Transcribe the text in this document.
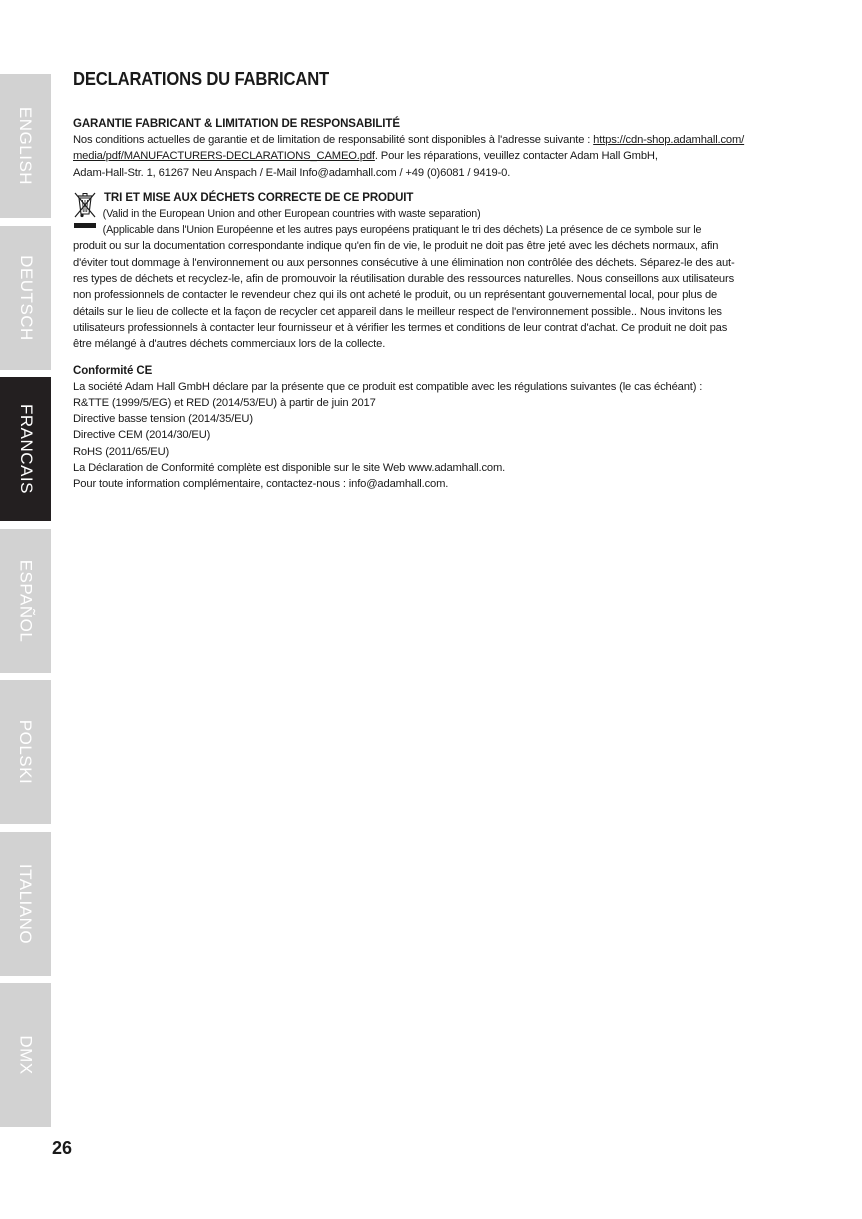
ENGLISH
DEUTSCH
FRANCAIS
ESPAÑOL
POLSKI
ITALIANO
DMX
DECLARATIONS DU FABRICANT
GARANTIE FABRICANT & LIMITATION DE RESPONSABILITÉ
Nos conditions actuelles de garantie et de limitation de responsabilité sont disponibles à l'adresse suivante : https://cdn-shop.adamhall.com/
media/pdf/MANUFACTURERS-DECLARATIONS_CAMEO.pdf. Pour les réparations, veuillez contacter Adam Hall GmbH,
Adam-Hall-Str. 1, 61267 Neu Anspach / E-Mail Info@adamhall.com / +49 (0)6081 / 9419-0.
TRI ET MISE AUX DÉCHETS CORRECTE DE CE PRODUIT
(Valid in the European Union and other European countries with waste separation)
(Applicable dans l'Union Européenne et les autres pays européens pratiquant le tri des déchets) La présence de ce symbole sur le
produit ou sur la documentation correspondante indique qu'en fin de vie, le produit ne doit pas être jeté avec les déchets normaux, afin
d'éviter tout dommage à l'environnement ou aux personnes consécutive à une élimination non contrôlée des déchets. Séparez-le des aut-
res types de déchets et recyclez-le, afin de promouvoir la réutilisation durable des ressources naturelles. Nous conseillons aux utilisateurs
non professionnels de contacter le revendeur chez qui ils ont acheté le produit, ou un représentant gouvernemental local, pour plus de
détails sur le lieu de collecte et la façon de recycler cet appareil dans le meilleur respect de l'environnement possible.. Nous invitons les
utilisateurs professionnels à contacter leur fournisseur et à vérifier les termes et conditions de leur contrat d'achat. Ce produit ne doit pas
être mélangé à d'autres déchets commerciaux lors de la collecte.
Conformité CE
La société Adam Hall GmbH déclare par la présente que ce produit est compatible avec les régulations suivantes (le cas échéant) :
R&TTE (1999/5/EG) et RED (2014/53/EU) à partir de juin 2017
Directive basse tension (2014/35/EU)
Directive CEM (2014/30/EU)
RoHS (2011/65/EU)
La Déclaration de Conformité complète est disponible sur le site Web www.adamhall.com.
Pour toute information complémentaire, contactez-nous : info@adamhall.com.
26
